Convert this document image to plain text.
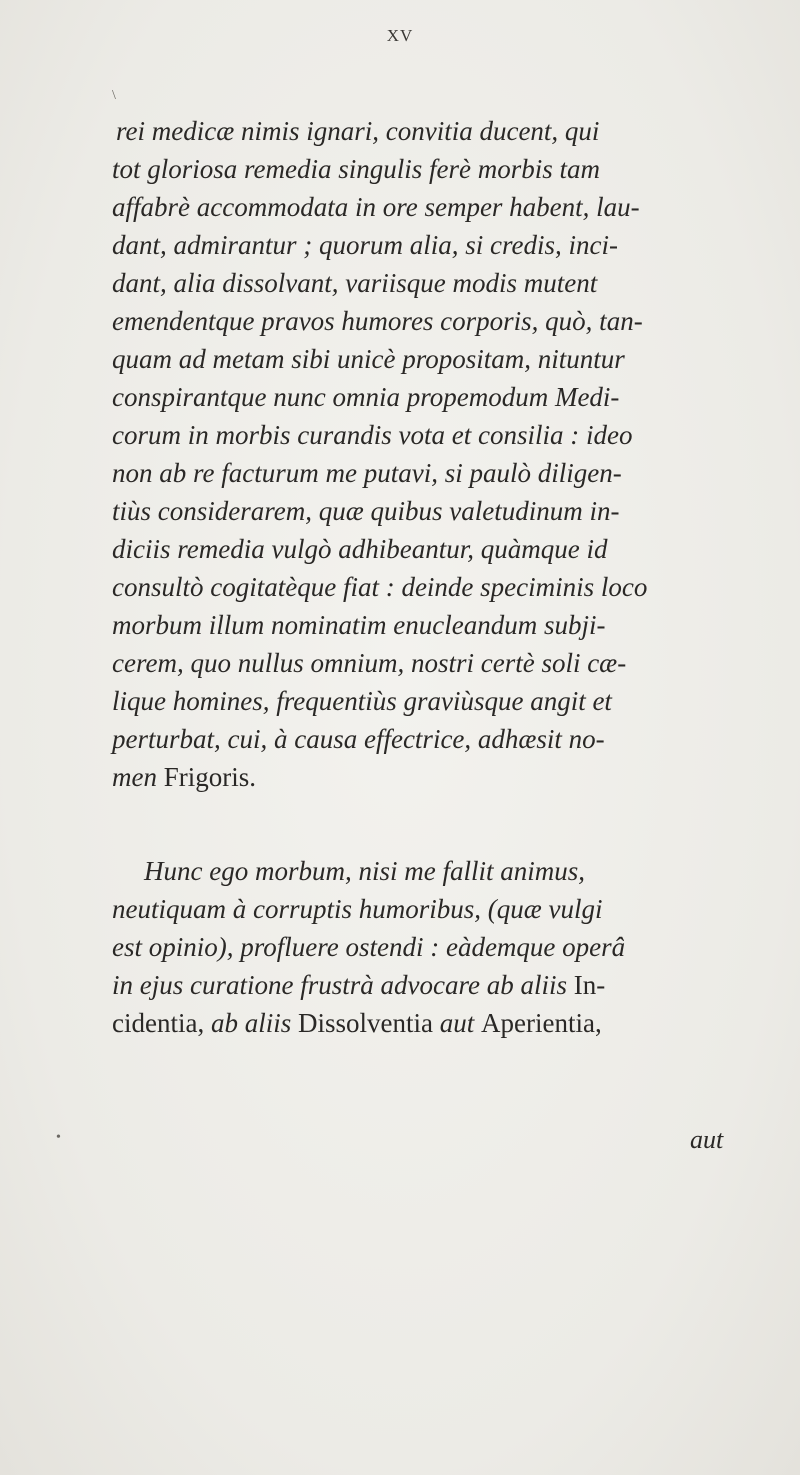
XV
rei medicæ nimis ignari, convitia ducent, qui
tot gloriosa remedia singulis ferè morbis tam
affabrè accommodata in ore semper habent, lau-
dant, admirantur ; quorum alia, si credis, inci-
dant, alia dissolvant, variisque modis mutent
emendentque pravos humores corporis, quò, tan-
quam ad metam sibi unicè propositam, nituntur
conspirantque nunc omnia propemodum Medi-
corum in morbis curandis vota et consilia : ideo
non ab re facturum me putavi, si paulò diligen-
tiùs considerarem, quæ quibus valetudinum in-
diciis remedia vulgò adhibeantur, quàmque id
consultò cogitatèque fiat : deinde speciminis loco
morbum illum nominatim enucleandum subji-
cerem, quo nullus omnium, nostri certè soli cæ-
lique homines, frequentiùs graviùsque angit et
perturbat, cui, à causa effectrice, adhæsit no-
men Frigoris.
Hunc ego morbum, nisi me fallit animus,
neutiquam à corruptis humoribus, (quæ vulgi
est opinio), profluere ostendi : eàdemque operâ
in ejus curatione frustrà advocare ab aliis In-
cidentia, ab aliis Dissolventia aut Aperientia,
aut
\
•
